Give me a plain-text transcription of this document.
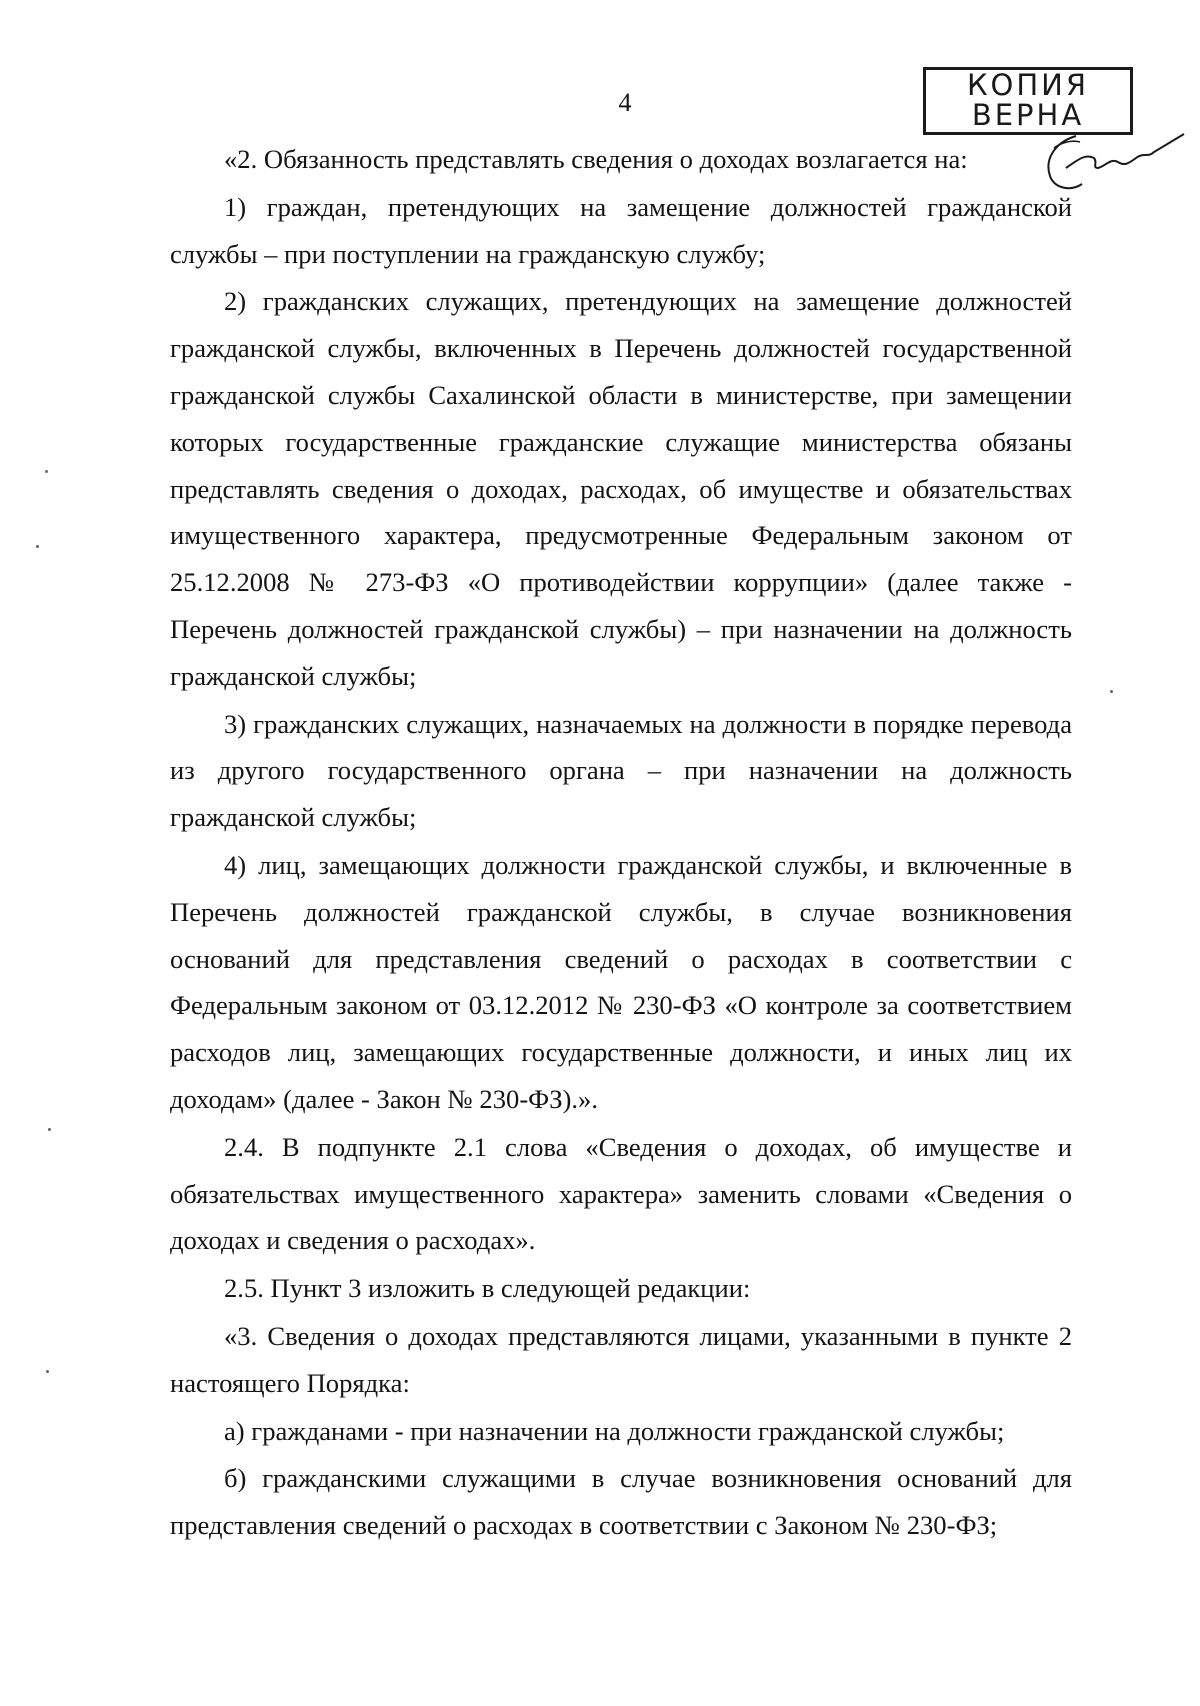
4
КОПИЯ
ВЕРНА

«2. Обязанность представлять сведения о доходах возлагается на:

1) граждан, претендующих на замещение должностей гражданской службы – при поступлении на гражданскую службу;

2) гражданских служащих, претендующих на замещение должностей гражданской службы, включенных в Перечень должностей государственной гражданской службы Сахалинской области в министерстве, при замещении которых государственные гражданские служащие министерства обязаны представлять сведения о доходах, расходах, об имуществе и обязательствах имущественного характера, предусмотренные Федеральным законом от 25.12.2008 № 273-ФЗ «О противодействии коррупции» (далее также - Перечень должностей гражданской службы) – при назначении на должность гражданской службы;

3) гражданских служащих, назначаемых на должности в порядке перевода из другого государственного органа – при назначении на должность гражданской службы;

4) лиц, замещающих должности гражданской службы, и включенные в Перечень должностей гражданской службы, в случае возникновения оснований для представления сведений о расходах в соответствии с Федеральным законом от 03.12.2012 № 230-ФЗ «О контроле за соответствием расходов лиц, замещающих государственные должности, и иных лиц их доходам» (далее - Закон № 230-ФЗ).».

2.4. В подпункте 2.1 слова «Сведения о доходах, об имуществе и обязательствах имущественного характера» заменить словами «Сведения о доходах и сведения о расходах».

2.5. Пункт 3 изложить в следующей редакции:

«3. Сведения о доходах представляются лицами, указанными в пункте 2 настоящего Порядка:

а) гражданами - при назначении на должности гражданской службы;

б) гражданскими служащими в случае возникновения оснований для представления сведений о расходах в соответствии с Законом № 230-ФЗ;
